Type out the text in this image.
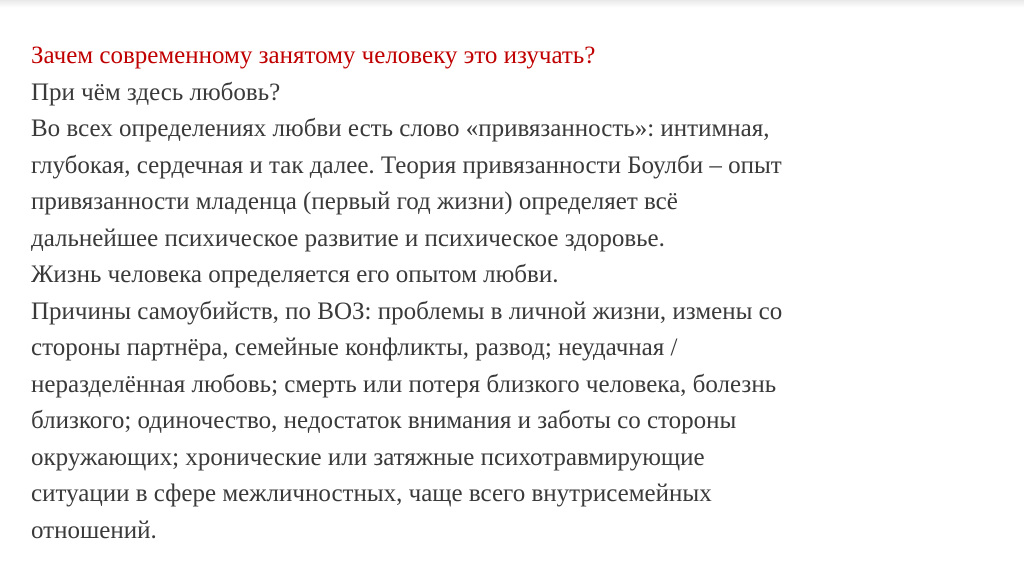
Зачем современному занятому человеку это изучать?
При чём здесь любовь?
Во всех определениях любви есть слово «привязанность»: интимная,
глубокая, сердечная и так далее. Теория привязанности Боулби – опыт
привязанности младенца (первый год жизни) определяет всё
дальнейшее психическое развитие и психическое здоровье.
Жизнь человека определяется его опытом любви.
Причины самоубийств, по ВОЗ: проблемы в личной жизни, измены со
стороны партнёра, семейные конфликты, развод; неудачная /
неразделённая любовь; смерть или потеря близкого человека, болезнь
близкого; одиночество, недостаток внимания и заботы со стороны
окружающих; хронические или затяжные психотравмирующие
ситуации в сфере межличностных, чаще всего внутрисемейных
отношений.
